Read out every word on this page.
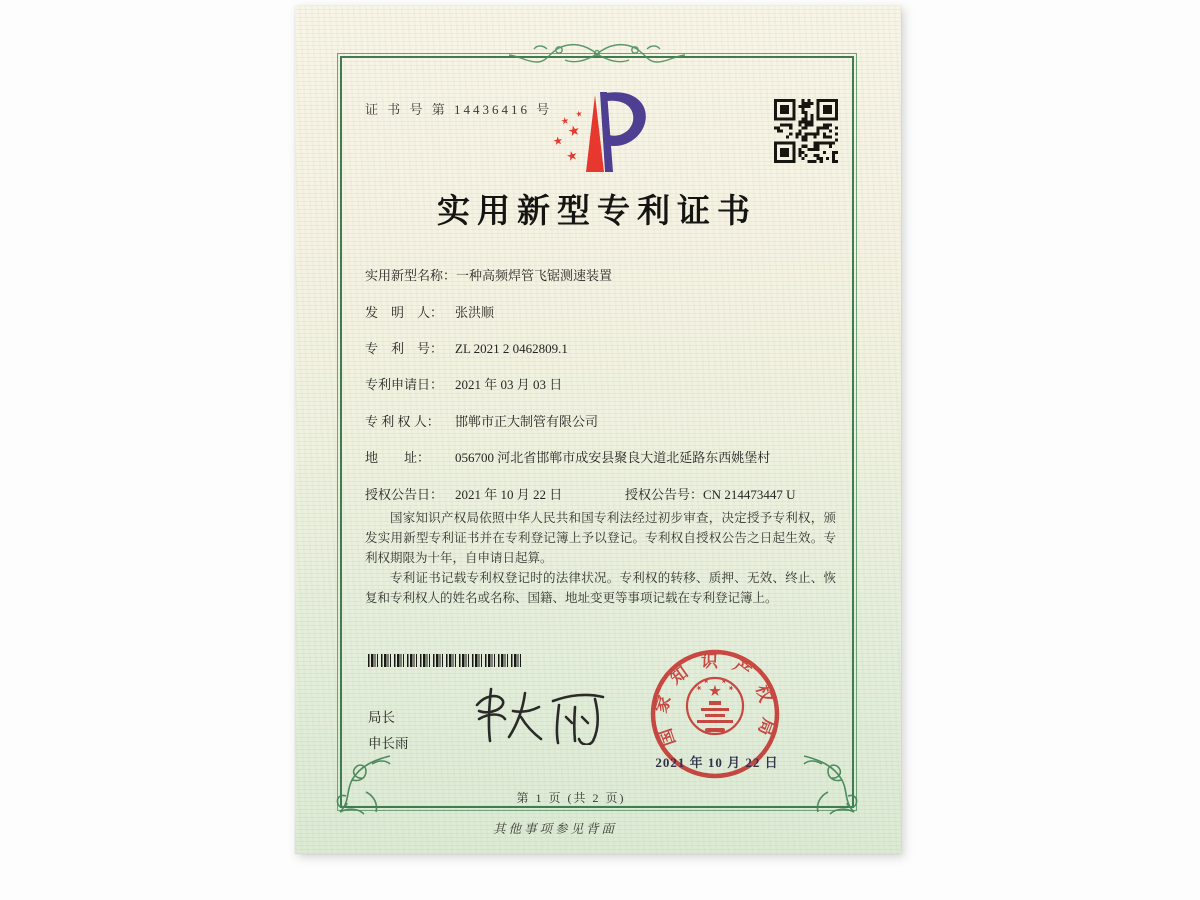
证 书 号 第 14436416 号
实用新型专利证书
实用新型名称：一种高频焊管飞锯测速装置
发　明　人： 张洪顺
专　利　号： ZL 2021 2 0462809.1
专利申请日： 2021 年 03 月 03 日
专 利 权 人： 邯郸市正大制管有限公司
地　　址： 056700 河北省邯郸市成安县聚良大道北延路东西姚堡村
授权公告日： 2021 年 10 月 22 日	授权公告号：CN 214473447 U

国家知识产权局依照中华人民共和国专利法经过初步审查，决定授予专利权，颁发实用新型专利证书并在专利登记簿上予以登记。专利权自授权公告之日起生效。专利权期限为十年，自申请日起算。

专利证书记载专利权登记时的法律状况。专利权的转移、质押、无效、终止、恢复和专利权人的姓名或名称、国籍、地址变更等事项记载在专利登记簿上。

局长
申长雨	国家知识产权局
2021 年 10 月 22 日
第 1 页 (共 2 页)
其他事项参见背面
